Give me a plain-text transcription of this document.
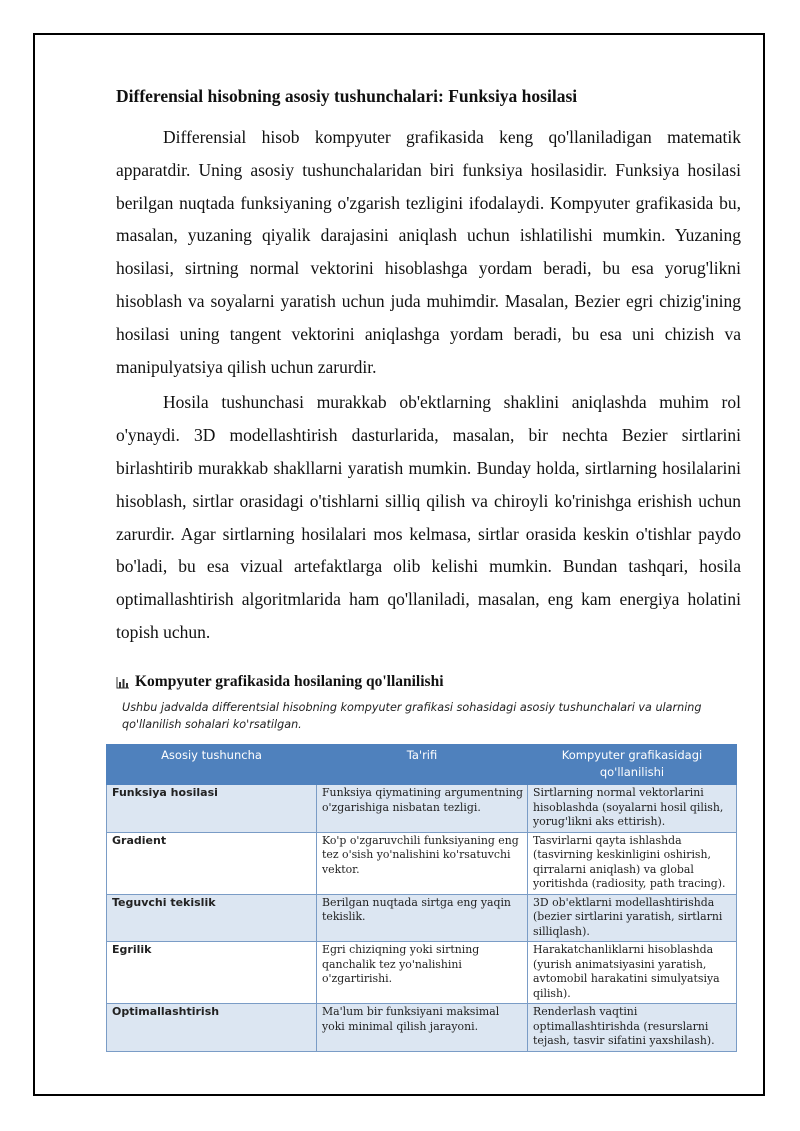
Differensial hisobning asosiy tushunchalari: Funksiya hosilasi

Differensial hisob kompyuter grafikasida keng qo'llaniladigan matematik apparatdir. Uning asosiy tushunchalaridan biri funksiya hosilasidir. Funksiya hosilasi berilgan nuqtada funksiyaning o'zgarish tezligini ifodalaydi. Kompyuter grafikasida bu, masalan, yuzaning qiyalik darajasini aniqlash uchun ishlatilishi mumkin. Yuzaning hosilasi, sirtning normal vektorini hisoblashga yordam beradi, bu esa yorug'likni hisoblash va soyalarni yaratish uchun juda muhimdir. Masalan, Bezier egri chizig'ining hosilasi uning tangent vektorini aniqlashga yordam beradi, bu esa uni chizish va manipulyatsiya qilish uchun zarurdir.

Hosila tushunchasi murakkab ob'ektlarning shaklini aniqlashda muhim rol o'ynaydi. 3D modellashtirish dasturlarida, masalan, bir nechta Bezier sirtlarini birlashtirib murakkab shakllarni yaratish mumkin. Bunday holda, sirtlarning hosilalarini hisoblash, sirtlar orasidagi o'tishlarni silliq qilish va chiroyli ko'rinishga erishish uchun zarurdir. Agar sirtlarning hosilalari mos kelmasa, sirtlar orasida keskin o'tishlar paydo bo'ladi, bu esa vizual artefaktlarga olib kelishi mumkin. Bundan tashqari, hosila optimallashtirish algoritmlarida ham qo'llaniladi, masalan, eng kam energiya holatini topish uchun.

Kompyuter grafikasida hosilaning qo'llanilishi
Ushbu jadvalda differentsial hisobning kompyuter grafikasi sohasidagi asosiy tushunchalari va ularning qo'llanilish sohalari ko'rsatilgan.
Asosiy tushuncha	Ta'rifi	Kompyuter grafikasidagi qo'llanilishi
Funksiya hosilasi	Funksiya qiymatining argumentning o'zgarishiga nisbatan tezligi.	Sirtlarning normal vektorlarini hisoblashda (soyalarni hosil qilish, yorug'likni aks ettirish).
Gradient	Ko'p o'zgaruvchili funksiyaning eng tez o'sish yo'nalishini ko'rsatuvchi vektor.	Tasvirlarni qayta ishlashda (tasvirning keskinligini oshirish, qirralarni aniqlash) va global yoritishda (radiosity, path tracing).
Teguvchi tekislik	Berilgan nuqtada sirtga eng yaqin tekislik.	3D ob'ektlarni modellashtirishda (bezier sirtlarini yaratish, sirtlarni silliqlash).
Egrilik	Egri chiziqning yoki sirtning qanchalik tez yo'nalishini o'zgartirishi.	Harakatchanliklarni hisoblashda (yurish animatsiyasini yaratish, avtomobil harakatini simulyatsiya qilish).
Optimallashtirish	Ma'lum bir funksiyani maksimal yoki minimal qilish jarayoni.	Renderlash vaqtini optimallashtirishda (resurslarni tejash, tasvir sifatini yaxshilash).
